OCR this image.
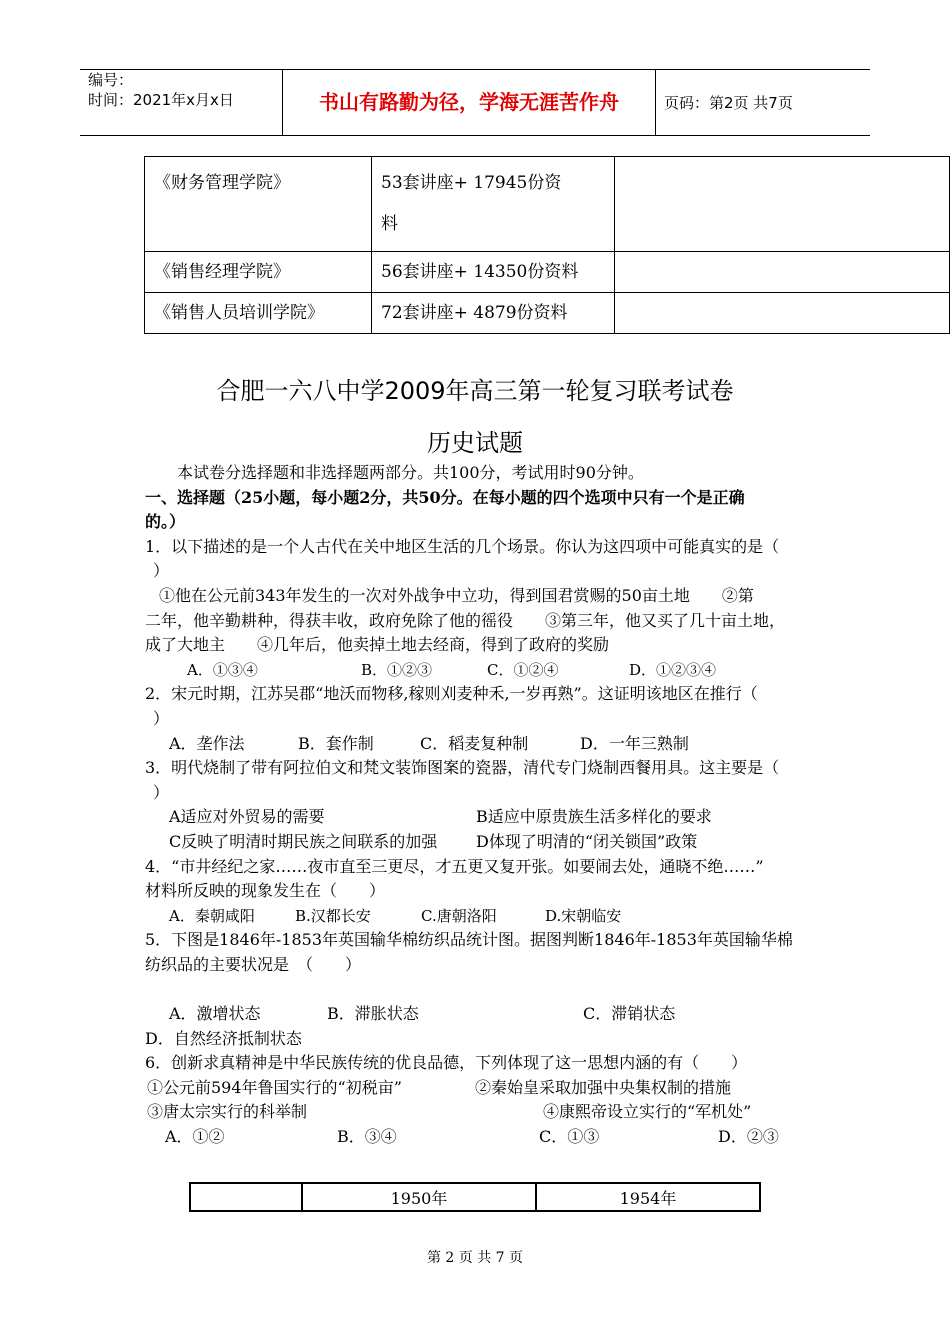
编号：
时间：2021年x月x日	书山有路勤为径，学海无涯苦作舟	页码：第2页 共7页
《财务管理学院》	53套讲座+ 17945份资
料	

《销售经理学院》	56套讲座+ 14350份资料	
《销售人员培训学院》	72套讲座+ 4879份资料	
合肥一六八中学2009年高三第一轮复习联考试卷
历史试题
本试卷分选择题和非选择题两部分。共100分，考试用时90分钟。
一、选择题（25小题，每小题2分，共50分。在每小题的四个选项中只有一个是正确
的。）
1．以下描述的是一个人古代在关中地区生活的几个场景。你认为这四项中可能真实的是（
）
①他在公元前343年发生的一次对外战争中立功，得到国君赏赐的50亩土地　　②第
二年，他辛勤耕种，得获丰收，政府免除了他的徭役　　③第三年，他又买了几十亩土地，
成了大地主　　④几年后，他卖掉土地去经商，得到了政府的奖励
A．①③④	B．①②③	C．①②④	D．①②③④
2．宋元时期，江苏吴郡“地沃而物移,稼则刈麦种禾,一岁再熟”。这证明该地区在推行（
）
A．垄作法	B．套作制	C．稻麦复种制	D．一年三熟制
3．明代烧制了带有阿拉伯文和梵文装饰图案的瓷器，清代专门烧制西餐用具。这主要是（
）
A适应对外贸易的需要	B适应中原贵族生活多样化的要求
C反映了明清时期民族之间联系的加强 D体现了明清的“闭关锁国”政策
4．“市井经纪之家……夜市直至三更尽，才五更又复开张。如要闹去处，通晓不绝……”
材料所反映的现象发生在（　　）
A．秦朝咸阳	B.汉都长安	C.唐朝洛阳	D.宋朝临安
5．下图是1846年-1853年英国输华棉纺织品统计图。据图判断1846年-1853年英国输华棉
纺织品的主要状况是　（　　）
A．激增状态	B．滞胀状态	C．滞销状态
D．自然经济抵制状态
6．创新求真精神是中华民族传统的优良品德，下列体现了这一思想内涵的有（　　）
①公元前594年鲁国实行的“初税亩”	②秦始皇采取加强中央集权制的措施
③唐太宗实行的科举制	④康熙帝设立实行的“军机处”
A．①②	B．③④	C．①③	D．②③
	1950年	1954年
第 2 页 共 7 页
